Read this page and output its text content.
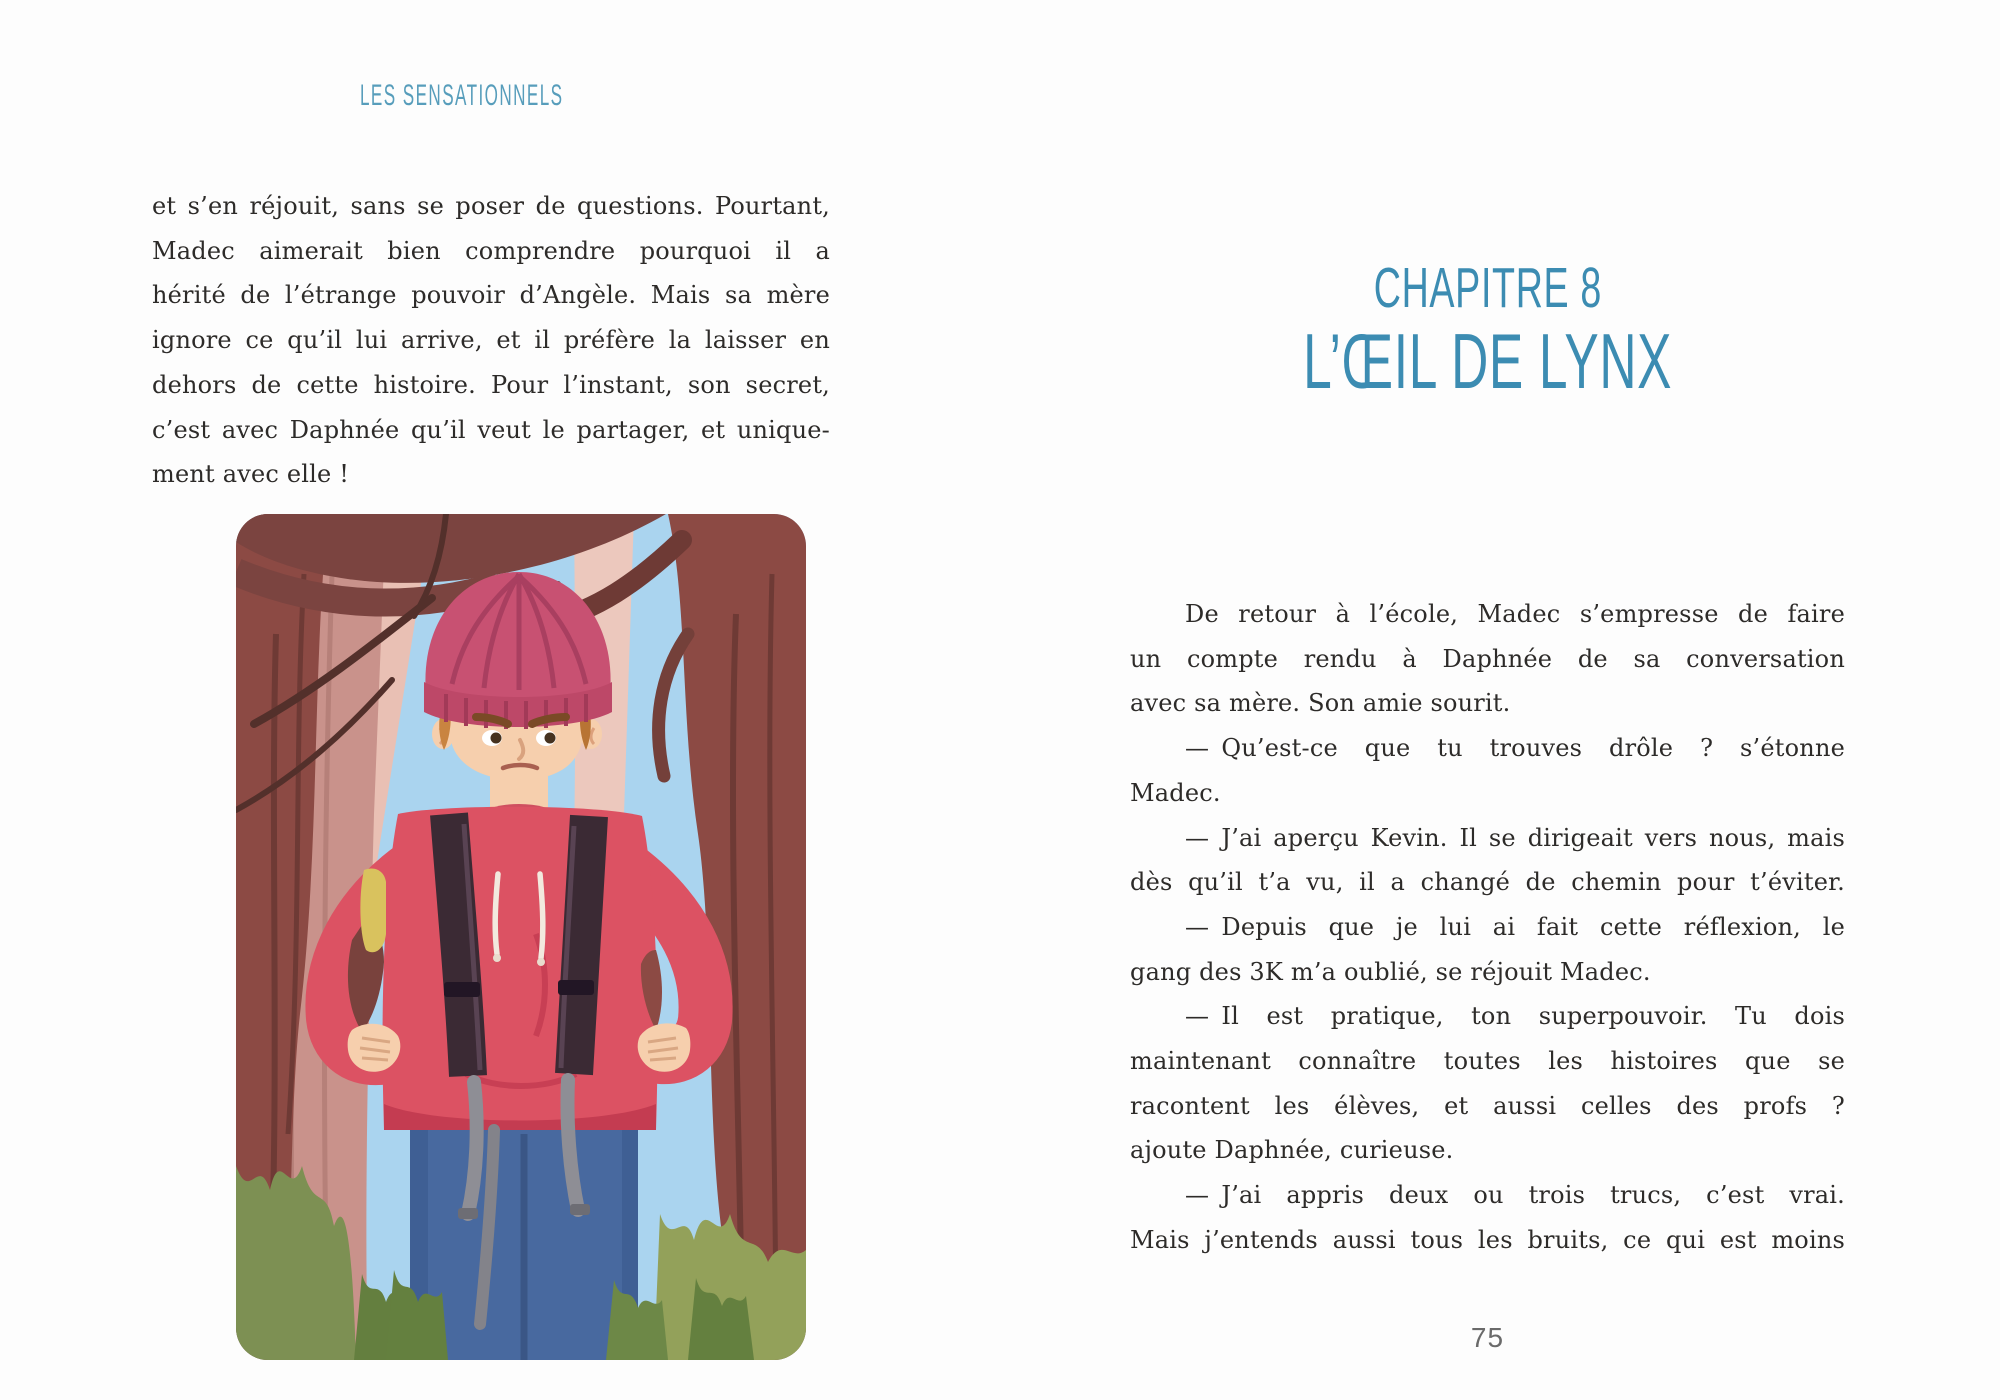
LES SENSATIONNELS
et s’en réjouit, sans se poser de questions. Pourtant,
Madec aimerait bien comprendre pourquoi il a
hérité de l’étrange pouvoir d’Angèle. Mais sa mère
ignore ce qu’il lui arrive, et il préfère la laisser en
dehors de cette histoire. Pour l’instant, son secret,
c’est avec Daphnée qu’il veut le partager, et unique-
ment avec elle !
CHAPITRE 8
L’ŒIL DE LYNX
De retour à l’école, Madec s’empresse de faire
un compte rendu à Daphnée de sa conversation
avec sa mère. Son amie sourit.
— Qu’est-ce que tu trouves drôle ? s’étonne
Madec.
— J’ai aperçu Kevin. Il se dirigeait vers nous, mais
dès qu’il t’a vu, il a changé de chemin pour t’éviter.
— Depuis que je lui ai fait cette réflexion, le
gang des 3K m’a oublié, se réjouit Madec.
— Il est pratique, ton superpouvoir. Tu dois
maintenant connaître toutes les histoires que se
racontent les élèves, et aussi celles des profs ?
ajoute Daphnée, curieuse.
— J’ai appris deux ou trois trucs, c’est vrai.
Mais j’entends aussi tous les bruits, ce qui est moins
75
